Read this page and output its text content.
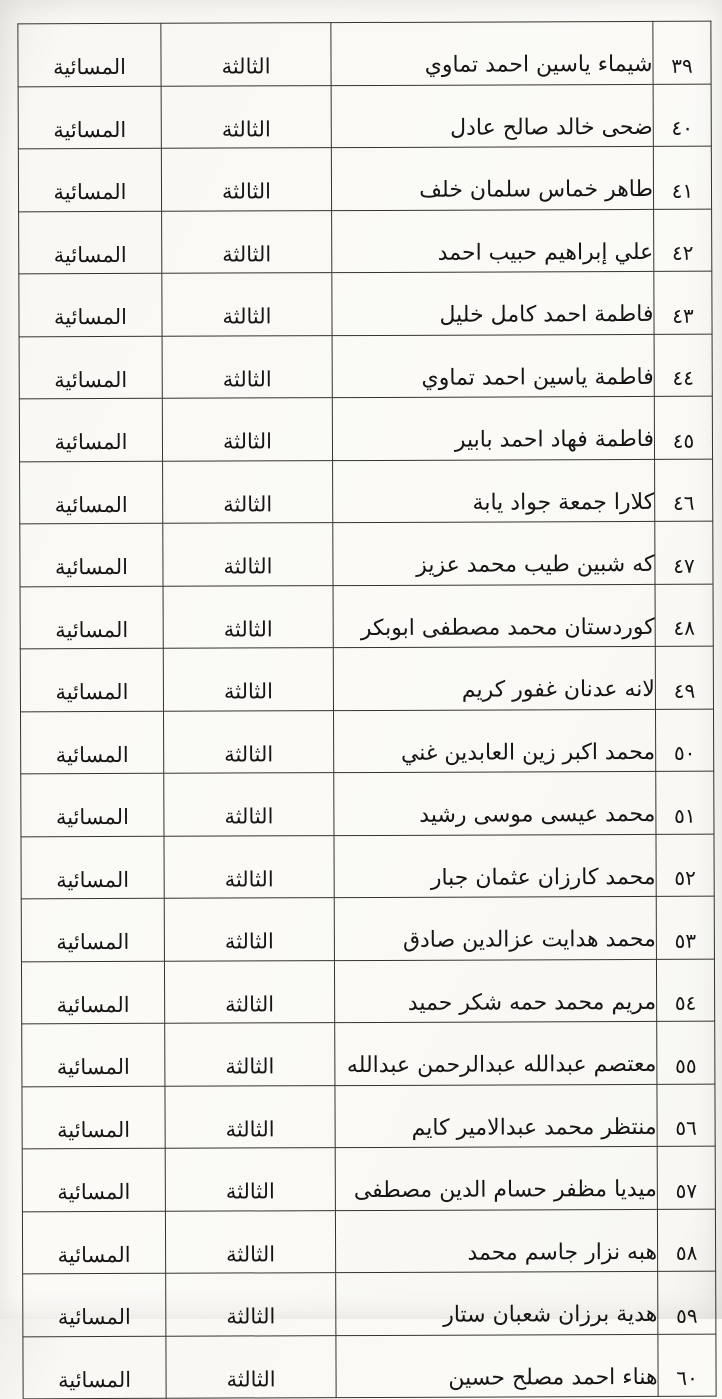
٣٩	شيماء ياسين احمد تماوي	الثالثة	المسائية
٤٠	ضحى خالد صالح عادل	الثالثة	المسائية
٤١	طاهر خماس سلمان خلف	الثالثة	المسائية
٤٢	علي إبراهيم حبيب احمد	الثالثة	المسائية
٤٣	فاطمة احمد كامل خليل	الثالثة	المسائية
٤٤	فاطمة ياسين احمد تماوي	الثالثة	المسائية
٤٥	فاطمة فهاد احمد بابير	الثالثة	المسائية
٤٦	كلارا جمعة جواد يابة	الثالثة	المسائية
٤٧	كه شبين طيب محمد عزيز	الثالثة	المسائية
٤٨	كوردستان محمد مصطفى ابوبكر	الثالثة	المسائية
٤٩	لانه عدنان غفور كريم	الثالثة	المسائية
٥٠	محمد اكبر زين العابدين غني	الثالثة	المسائية
٥١	محمد عيسى موسى رشيد	الثالثة	المسائية
٥٢	محمد كارزان عثمان جبار	الثالثة	المسائية
٥٣	محمد هدايت عزالدين صادق	الثالثة	المسائية
٥٤	مريم محمد حمه شكر حميد	الثالثة	المسائية
٥٥	معتصم عبدالله عبدالرحمن عبدالله	الثالثة	المسائية
٥٦	منتظر محمد عبدالامير كايم	الثالثة	المسائية
٥٧	ميديا مظفر حسام الدين مصطفى	الثالثة	المسائية
٥٨	هبه نزار جاسم محمد	الثالثة	المسائية
٥٩	هدية برزان شعبان ستار	الثالثة	المسائية
٦٠	هناء احمد مصلح حسين	الثالثة	المسائية
